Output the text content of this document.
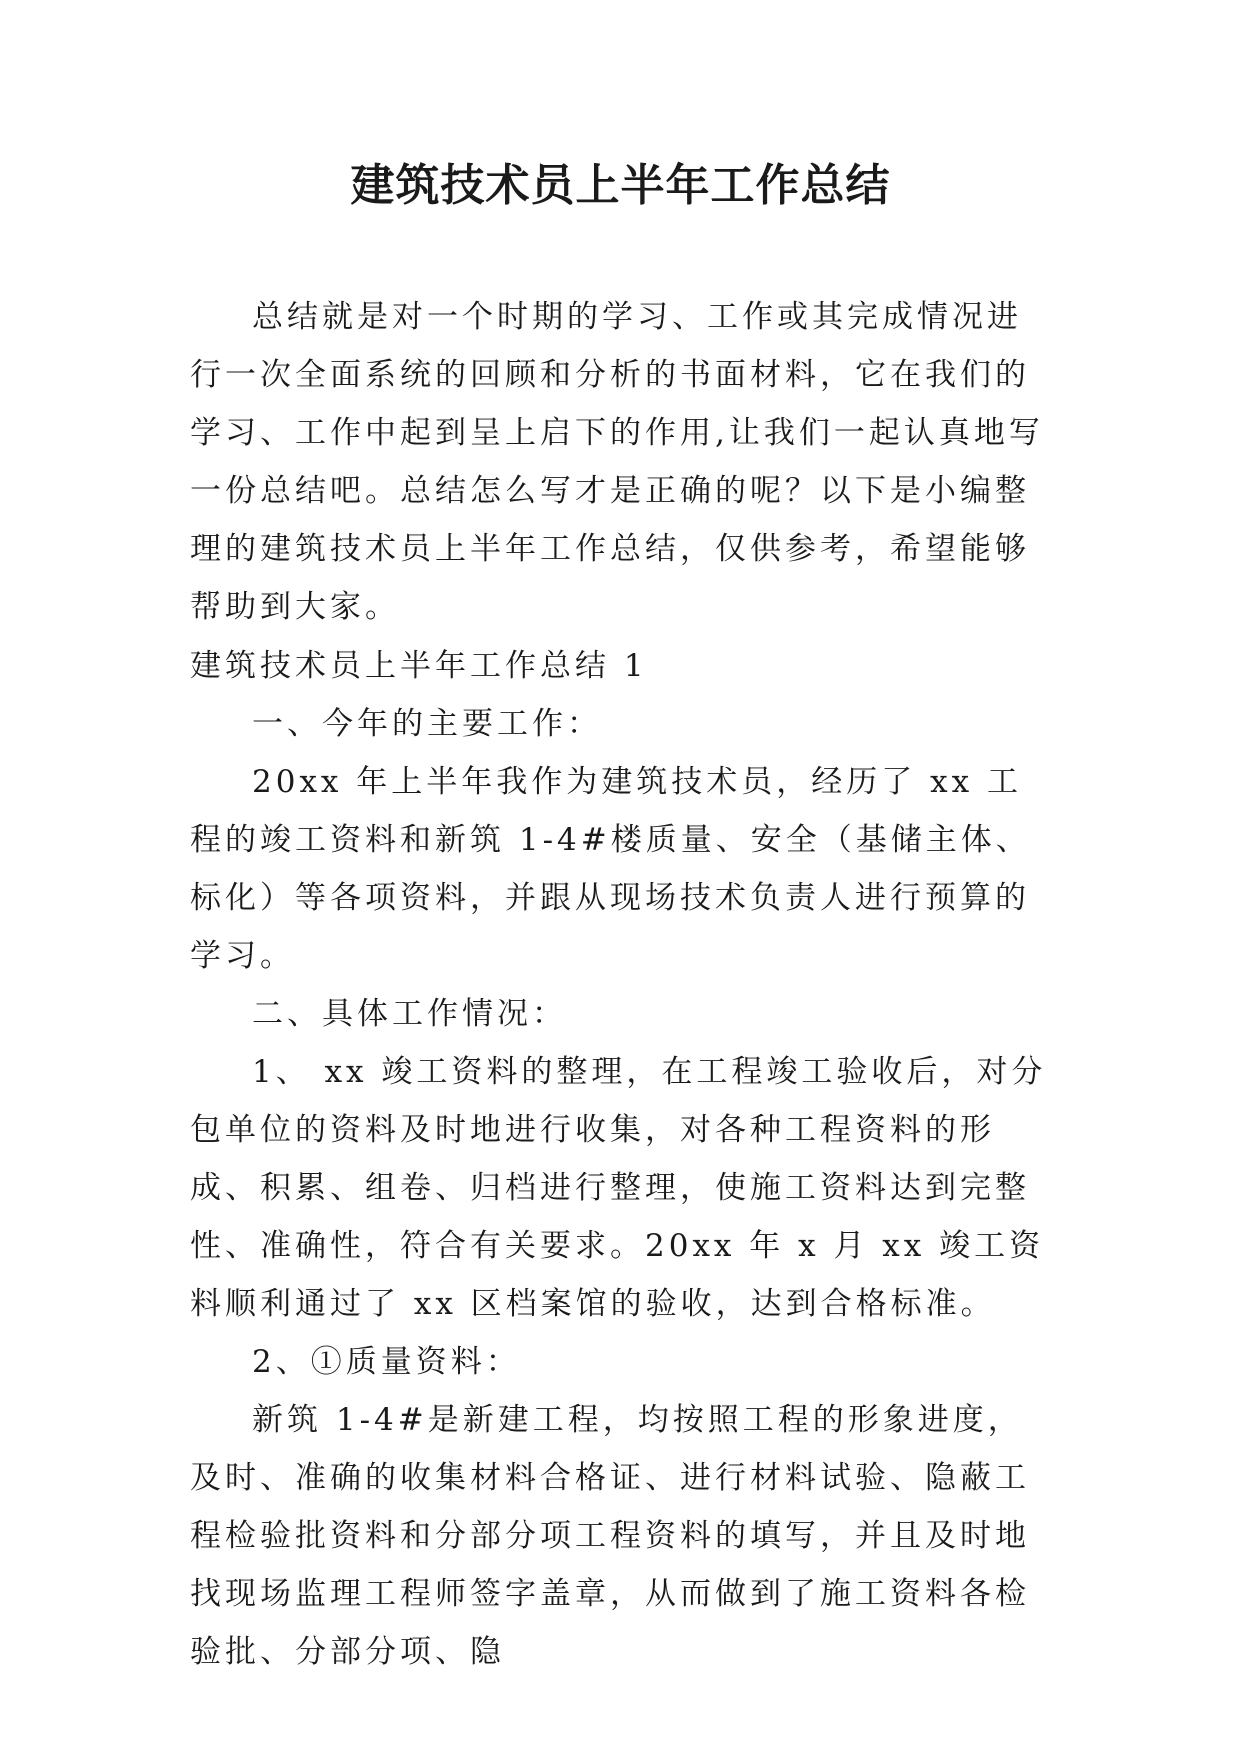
建筑技术员上半年工作总结

总结就是对一个时期的学习、工作或其完成情况进行一次全面系统的回顾和分析的书面材料，它在我们的学习、工作中起到呈上启下的作用,让我们一起认真地写一份总结吧。总结怎么写才是正确的呢？以下是小编整理的建筑技术员上半年工作总结，仅供参考，希望能够帮助到大家。

建筑技术员上半年工作总结 1

一、今年的主要工作：

20xx 年上半年我作为建筑技术员，经历了 xx 工程的竣工资料和新筑 1-4#楼质量、安全（基储主体、标化）等各项资料，并跟从现场技术负责人进行预算的学习。

二、具体工作情况：

1、 xx 竣工资料的整理，在工程竣工验收后，对分包单位的资料及时地进行收集，对各种工程资料的形成、积累、组卷、归档进行整理，使施工资料达到完整性、准确性，符合有关要求。20xx 年 x 月 xx 竣工资料顺利通过了 xx 区档案馆的验收，达到合格标准。

2、①质量资料：

新筑 1-4#是新建工程，均按照工程的形象进度，及时、准确的收集材料合格证、进行材料试验、隐蔽工程检验批资料和分部分项工程资料的填写，并且及时地找现场监理工程师签字盖章，从而做到了施工资料各检验批、分部分项、隐
